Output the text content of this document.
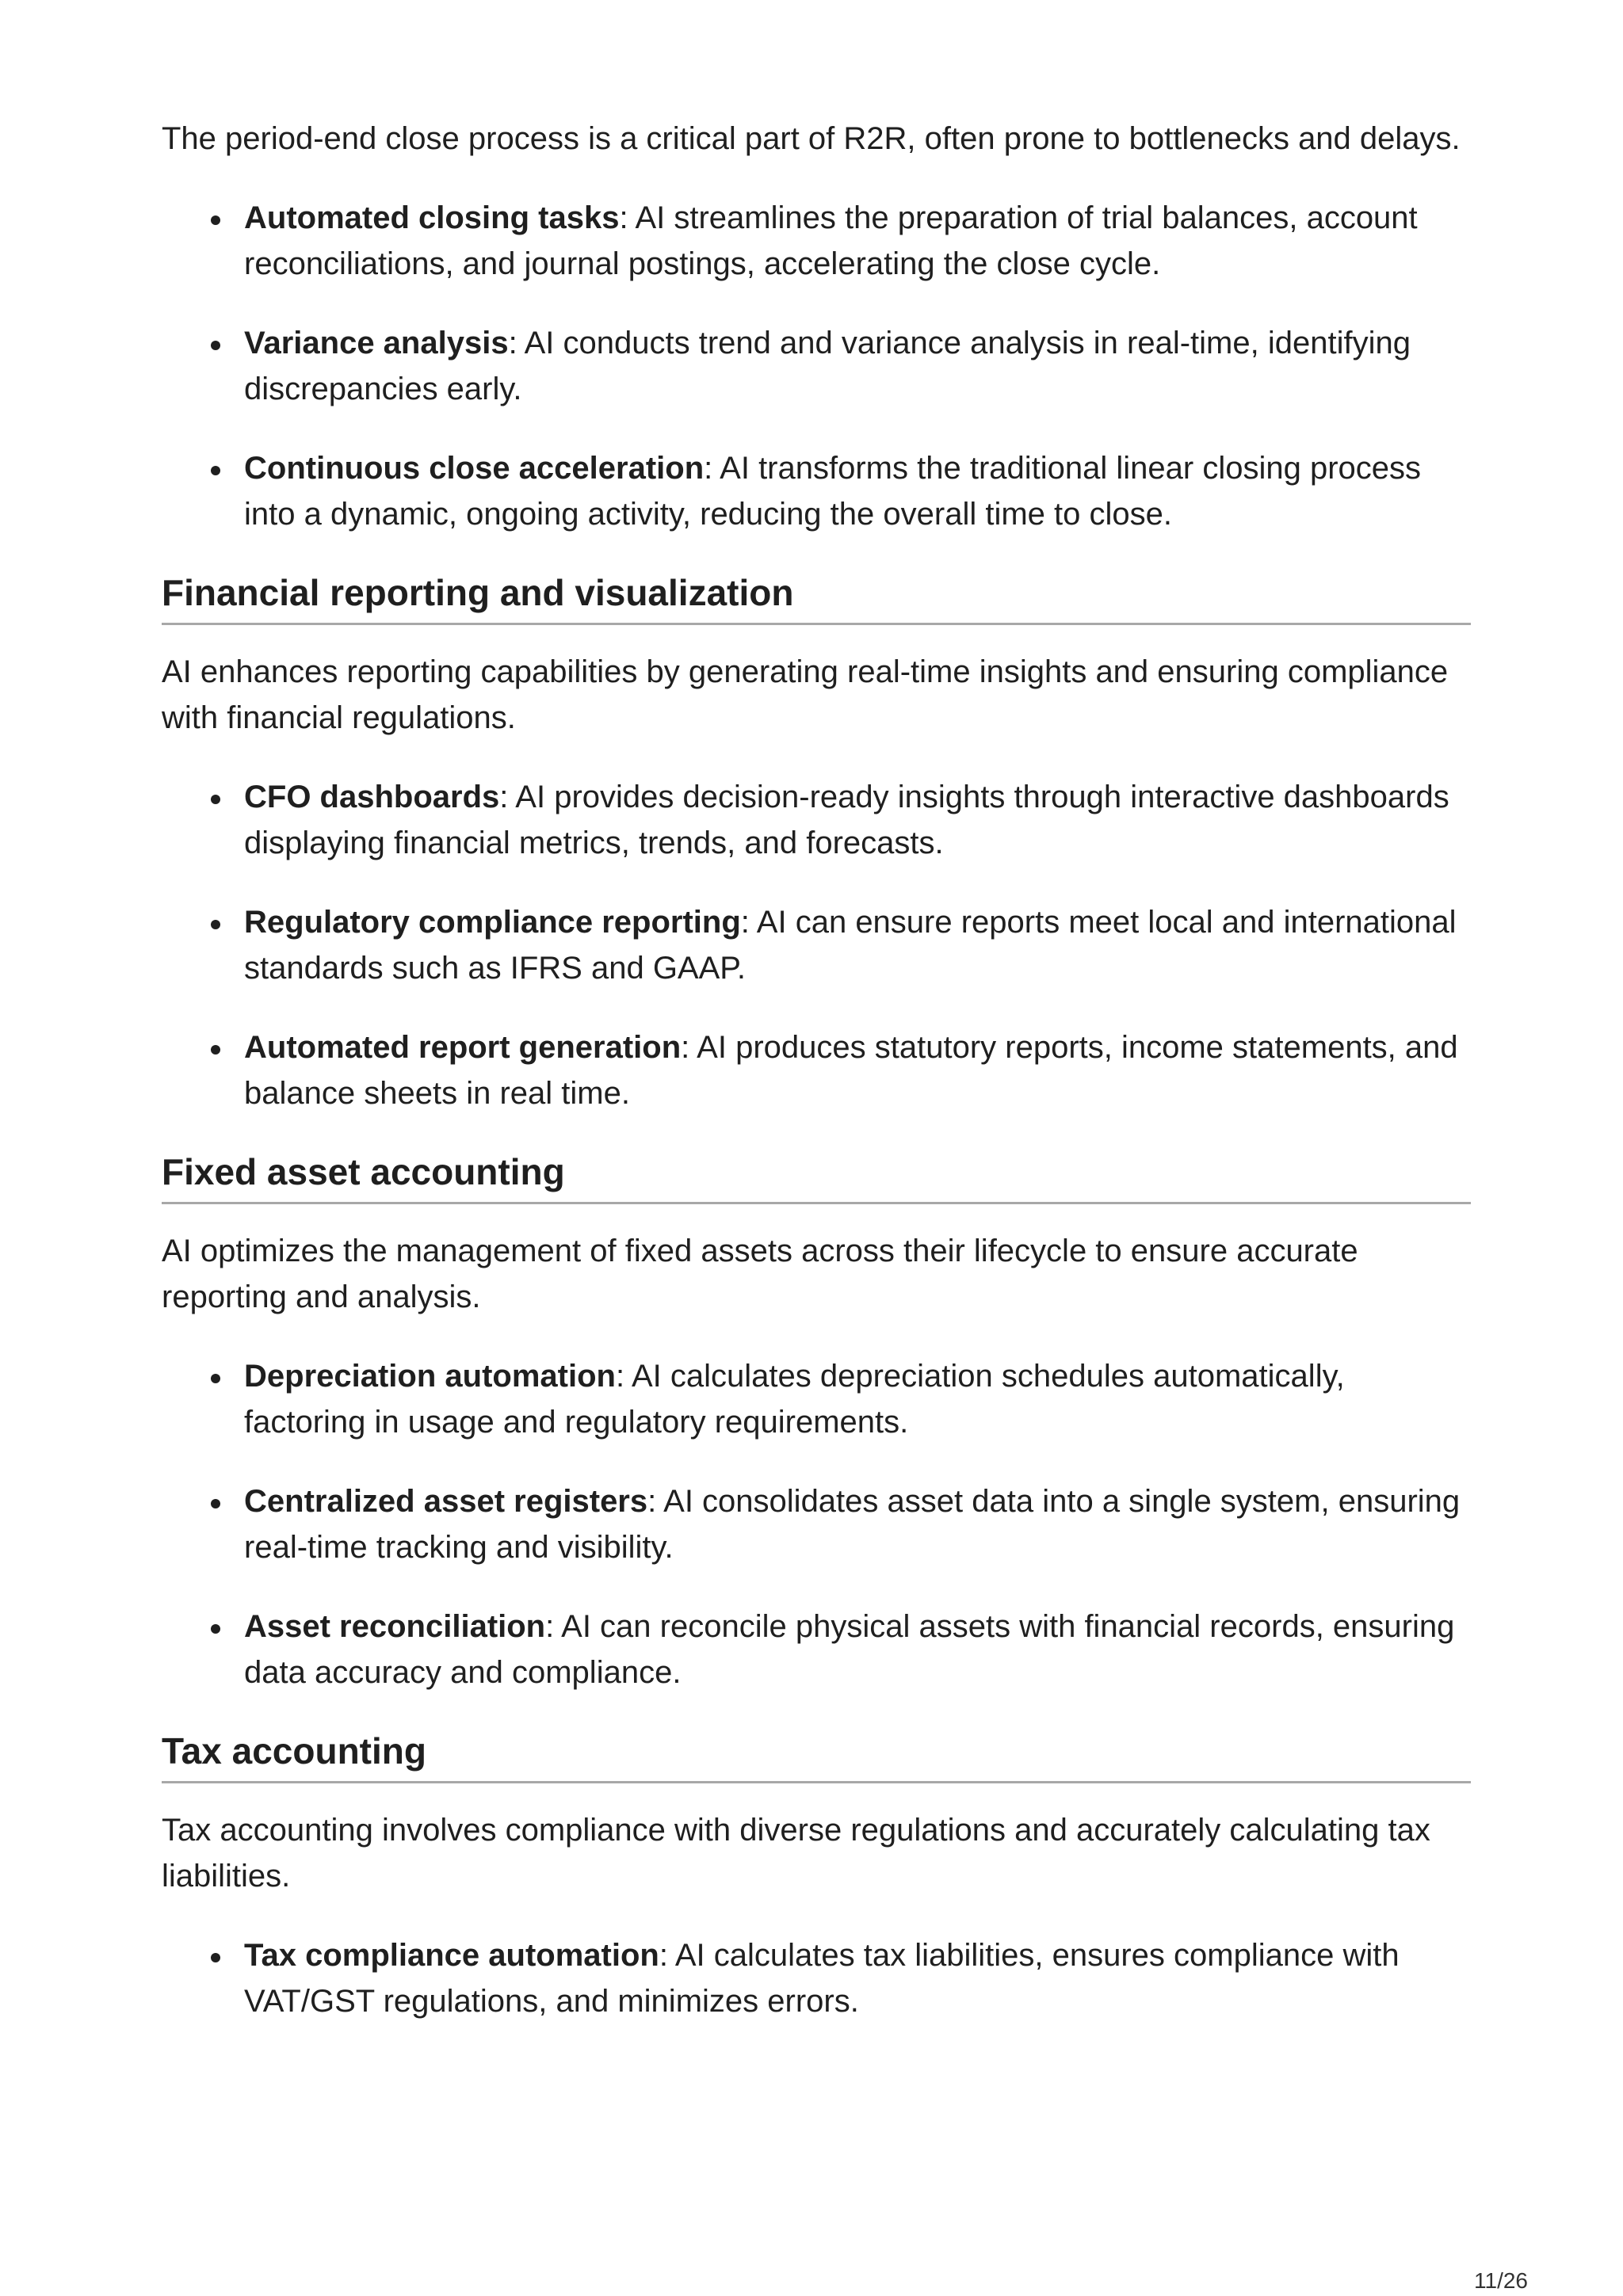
The period-end close process is a critical part of R2R, often prone to bottlenecks and delays.

Automated closing tasks: AI streamlines the preparation of trial balances, account reconciliations, and journal postings, accelerating the close cycle.
Variance analysis: AI conducts trend and variance analysis in real-time, identifying discrepancies early.
Continuous close acceleration: AI transforms the traditional linear closing process into a dynamic, ongoing activity, reducing the overall time to close.
Financial reporting and visualization

AI enhances reporting capabilities by generating real-time insights and ensuring compliance with financial regulations.

CFO dashboards: AI provides decision-ready insights through interactive dashboards displaying financial metrics, trends, and forecasts.
Regulatory compliance reporting: AI can ensure reports meet local and international standards such as IFRS and GAAP.
Automated report generation: AI produces statutory reports, income statements, and balance sheets in real time.
Fixed asset accounting

AI optimizes the management of fixed assets across their lifecycle to ensure accurate reporting and analysis.

Depreciation automation: AI calculates depreciation schedules automatically, factoring in usage and regulatory requirements.
Centralized asset registers: AI consolidates asset data into a single system, ensuring real-time tracking and visibility.
Asset reconciliation: AI can reconcile physical assets with financial records, ensuring data accuracy and compliance.
Tax accounting

Tax accounting involves compliance with diverse regulations and accurately calculating tax liabilities.

Tax compliance automation: AI calculates tax liabilities, ensures compliance with VAT/GST regulations, and minimizes errors.
11/26
